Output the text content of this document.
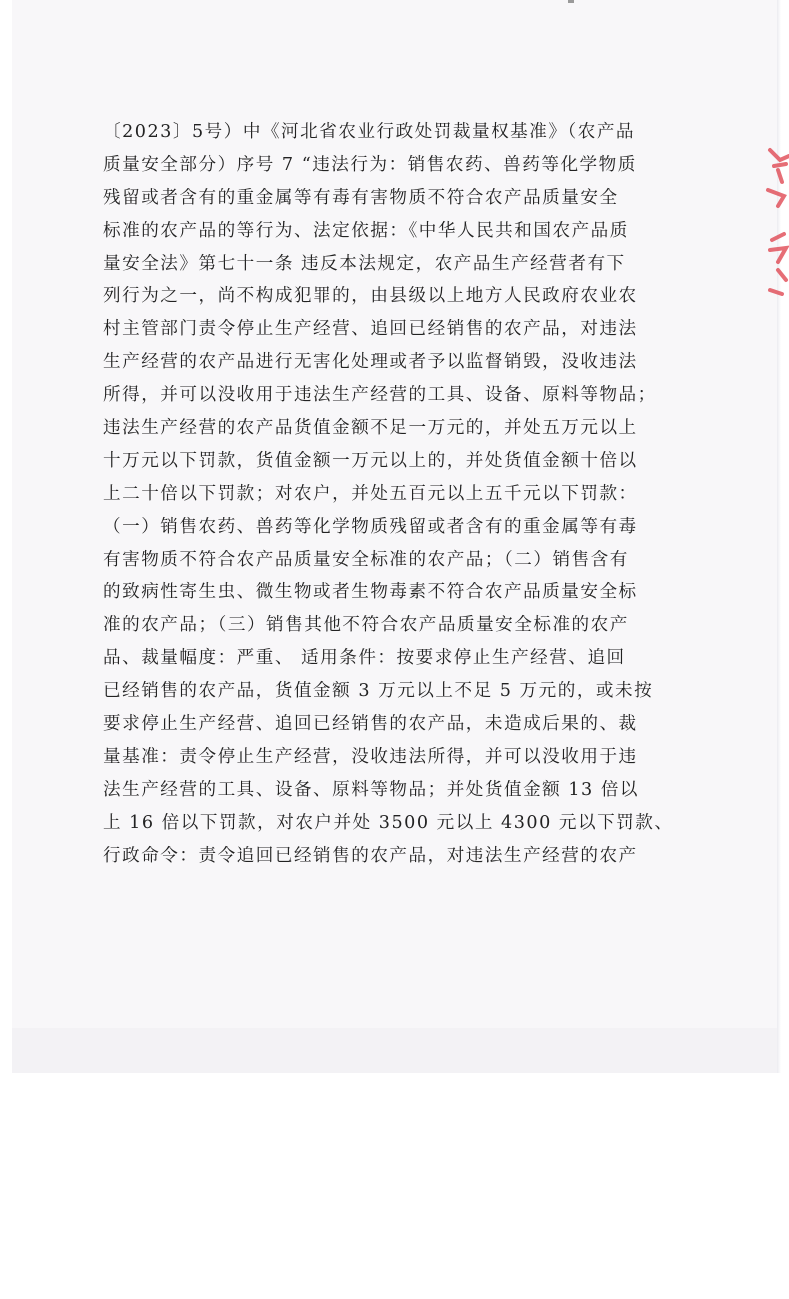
〔2023〕5号）中《河北省农业行政处罚裁量权基准》（农产品
质量安全部分）序号 7 “违法行为：销售农药、兽药等化学物质
残留或者含有的重金属等有毒有害物质不符合农产品质量安全
标准的农产品的等行为、法定依据：《中华人民共和国农产品质
量安全法》第七十一条 违反本法规定，农产品生产经营者有下
列行为之一，尚不构成犯罪的，由县级以上地方人民政府农业农
村主管部门责令停止生产经营、追回已经销售的农产品，对违法
生产经营的农产品进行无害化处理或者予以监督销毁，没收违法
所得，并可以没收用于违法生产经营的工具、设备、原料等物品；
违法生产经营的农产品货值金额不足一万元的，并处五万元以上
十万元以下罚款，货值金额一万元以上的，并处货值金额十倍以
上二十倍以下罚款；对农户，并处五百元以上五千元以下罚款：
（一）销售农药、兽药等化学物质残留或者含有的重金属等有毒
有害物质不符合农产品质量安全标准的农产品；（二）销售含有
的致病性寄生虫、微生物或者生物毒素不符合农产品质量安全标
准的农产品；（三）销售其他不符合农产品质量安全标准的农产
品、裁量幅度：严重、 适用条件：按要求停止生产经营、追回
已经销售的农产品，货值金额 3 万元以上不足 5 万元的，或未按
要求停止生产经营、追回已经销售的农产品，未造成后果的、裁
量基准：责令停止生产经营，没收违法所得，并可以没收用于违
法生产经营的工具、设备、原料等物品；并处货值金额 13 倍以
上 16 倍以下罚款，对农户并处 3500 元以上 4300 元以下罚款、
行政命令：责令追回已经销售的农产品，对违法生产经营的农产
